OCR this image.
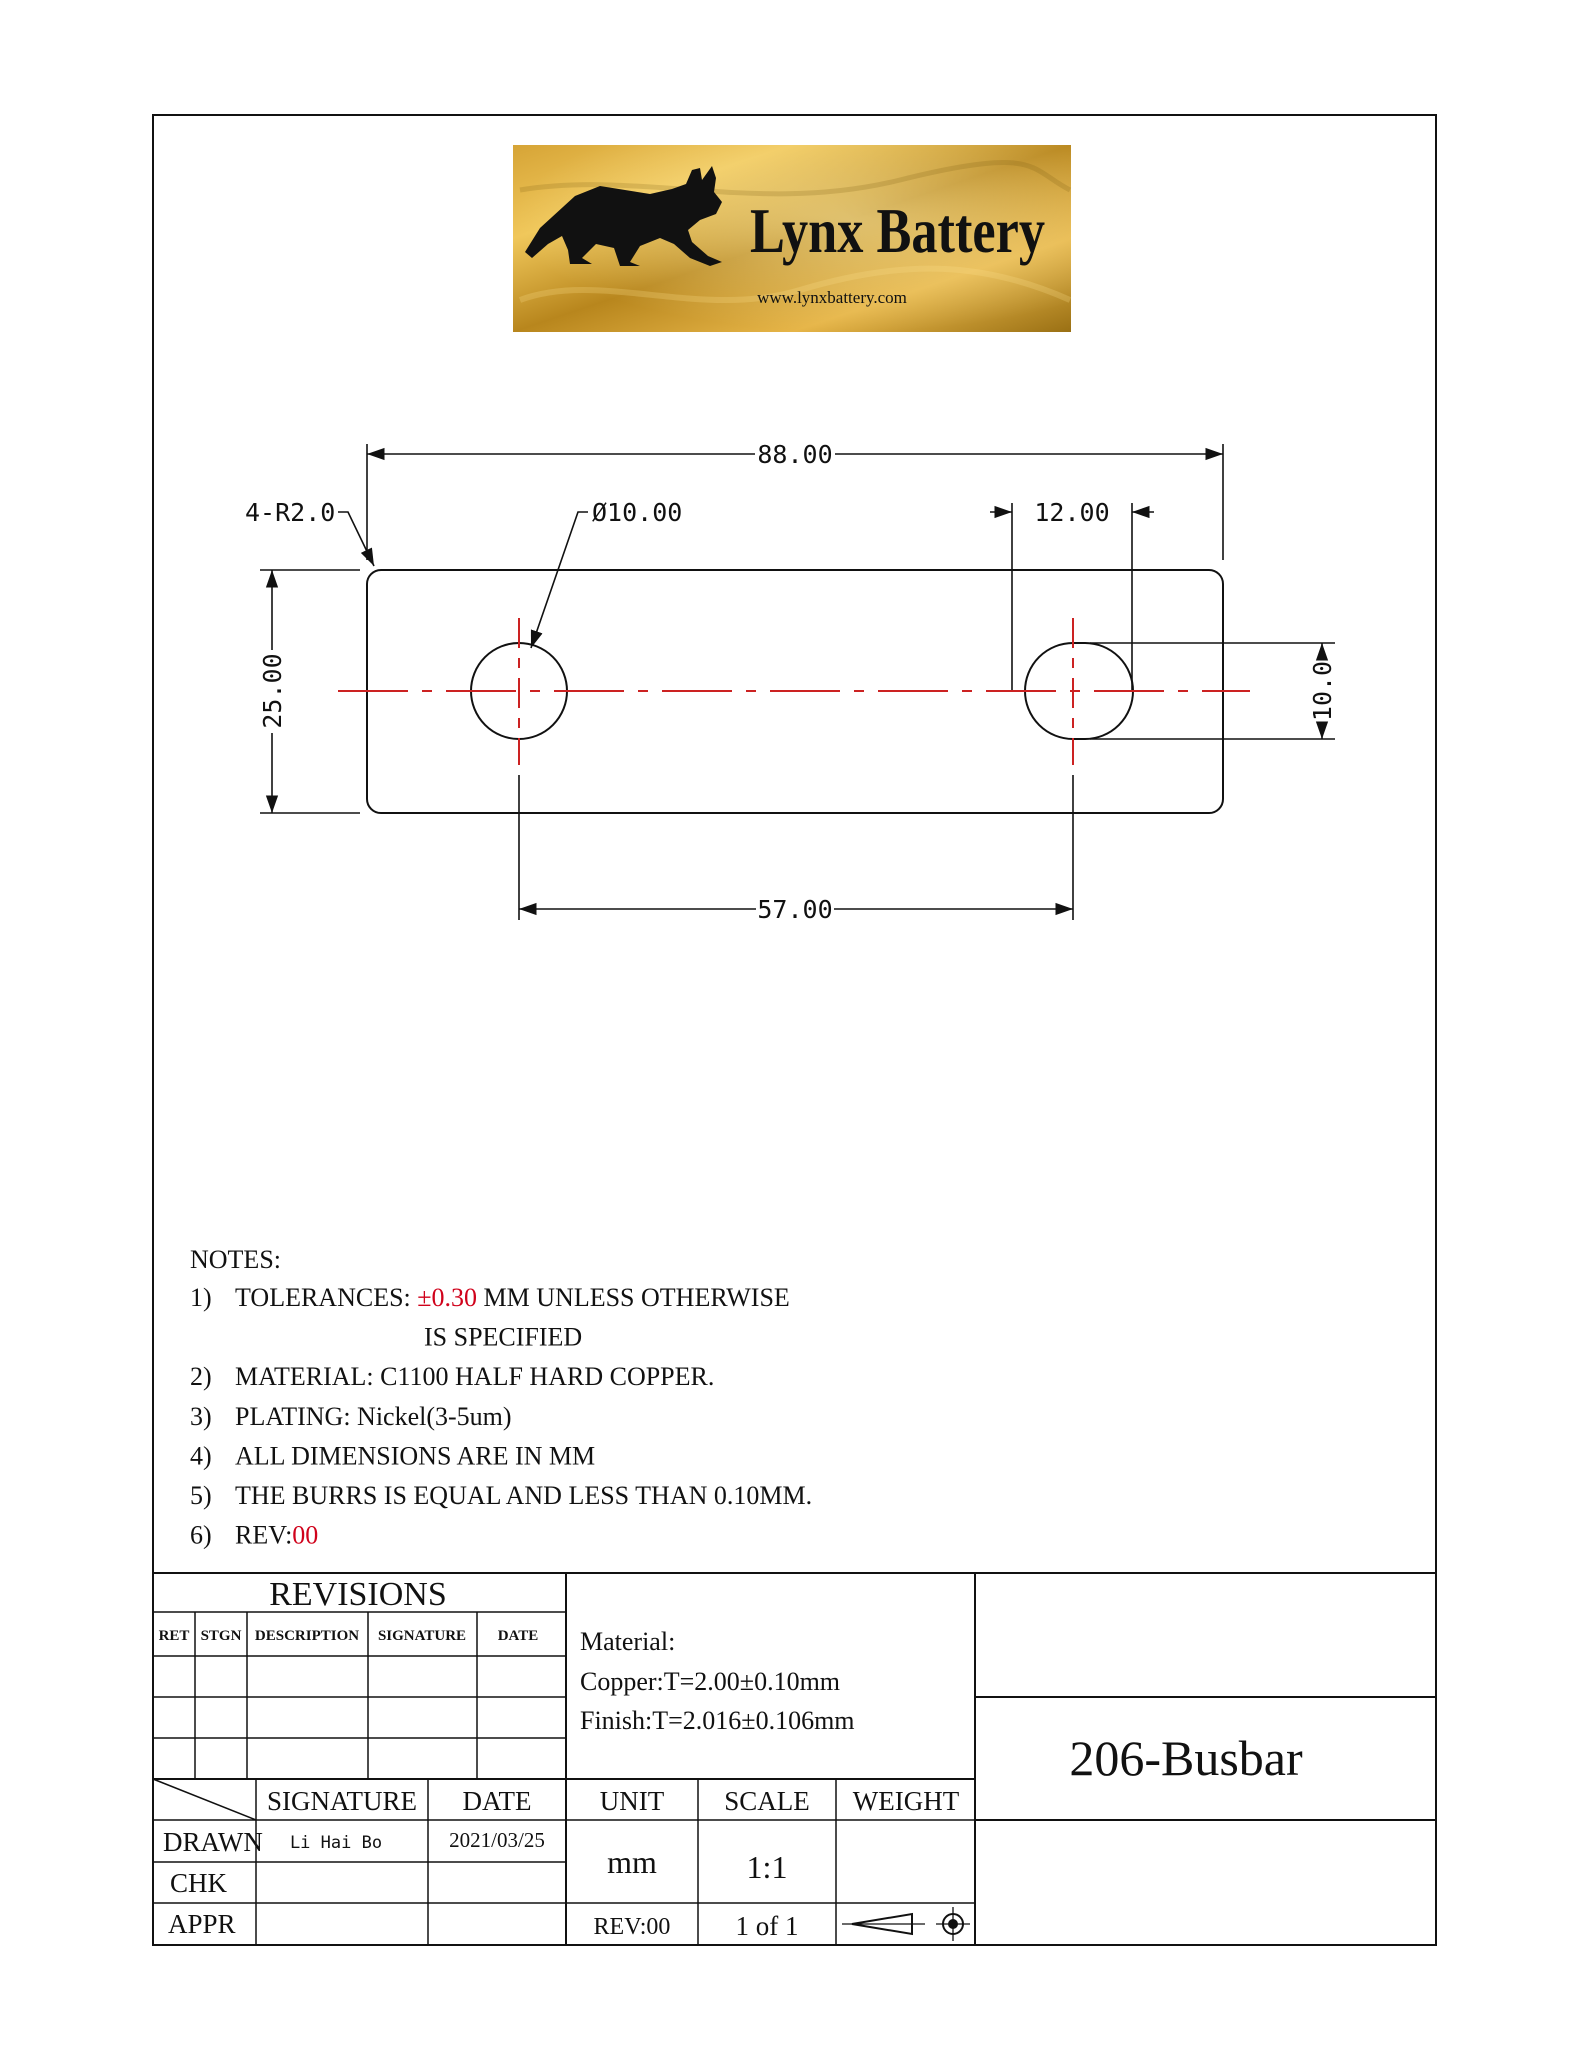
Lynx Battery
www.lynxbattery.com
88.00
4-R2.0	Ø10.00	12.00
25.00	10.0
57.00
NOTES:
1) TOLERANCES: ±0.30 MM UNLESS OTHERWISE
IS SPECIFIED
2) MATERIAL: C1100 HALF HARD COPPER.
3) PLATING: Nickel(3-5um)
4) ALL DIMENSIONS ARE IN MM
5) THE BURRS IS EQUAL AND LESS THAN 0.10MM.
6) REV:00
REVISIONS
RET STGN DESCRIPTION SIGNATURE DATE Material:
Copper:T=2.00±0.10mm
Finish:T=2.016±0.106mm
206-Busbar
SIGNATURE DATE
DRAWN Li Hai Bo	2021/03/25
CHK
APPR
UNIT SCALE WEIGHT
mm	1:1
REV:00 1 of 1
